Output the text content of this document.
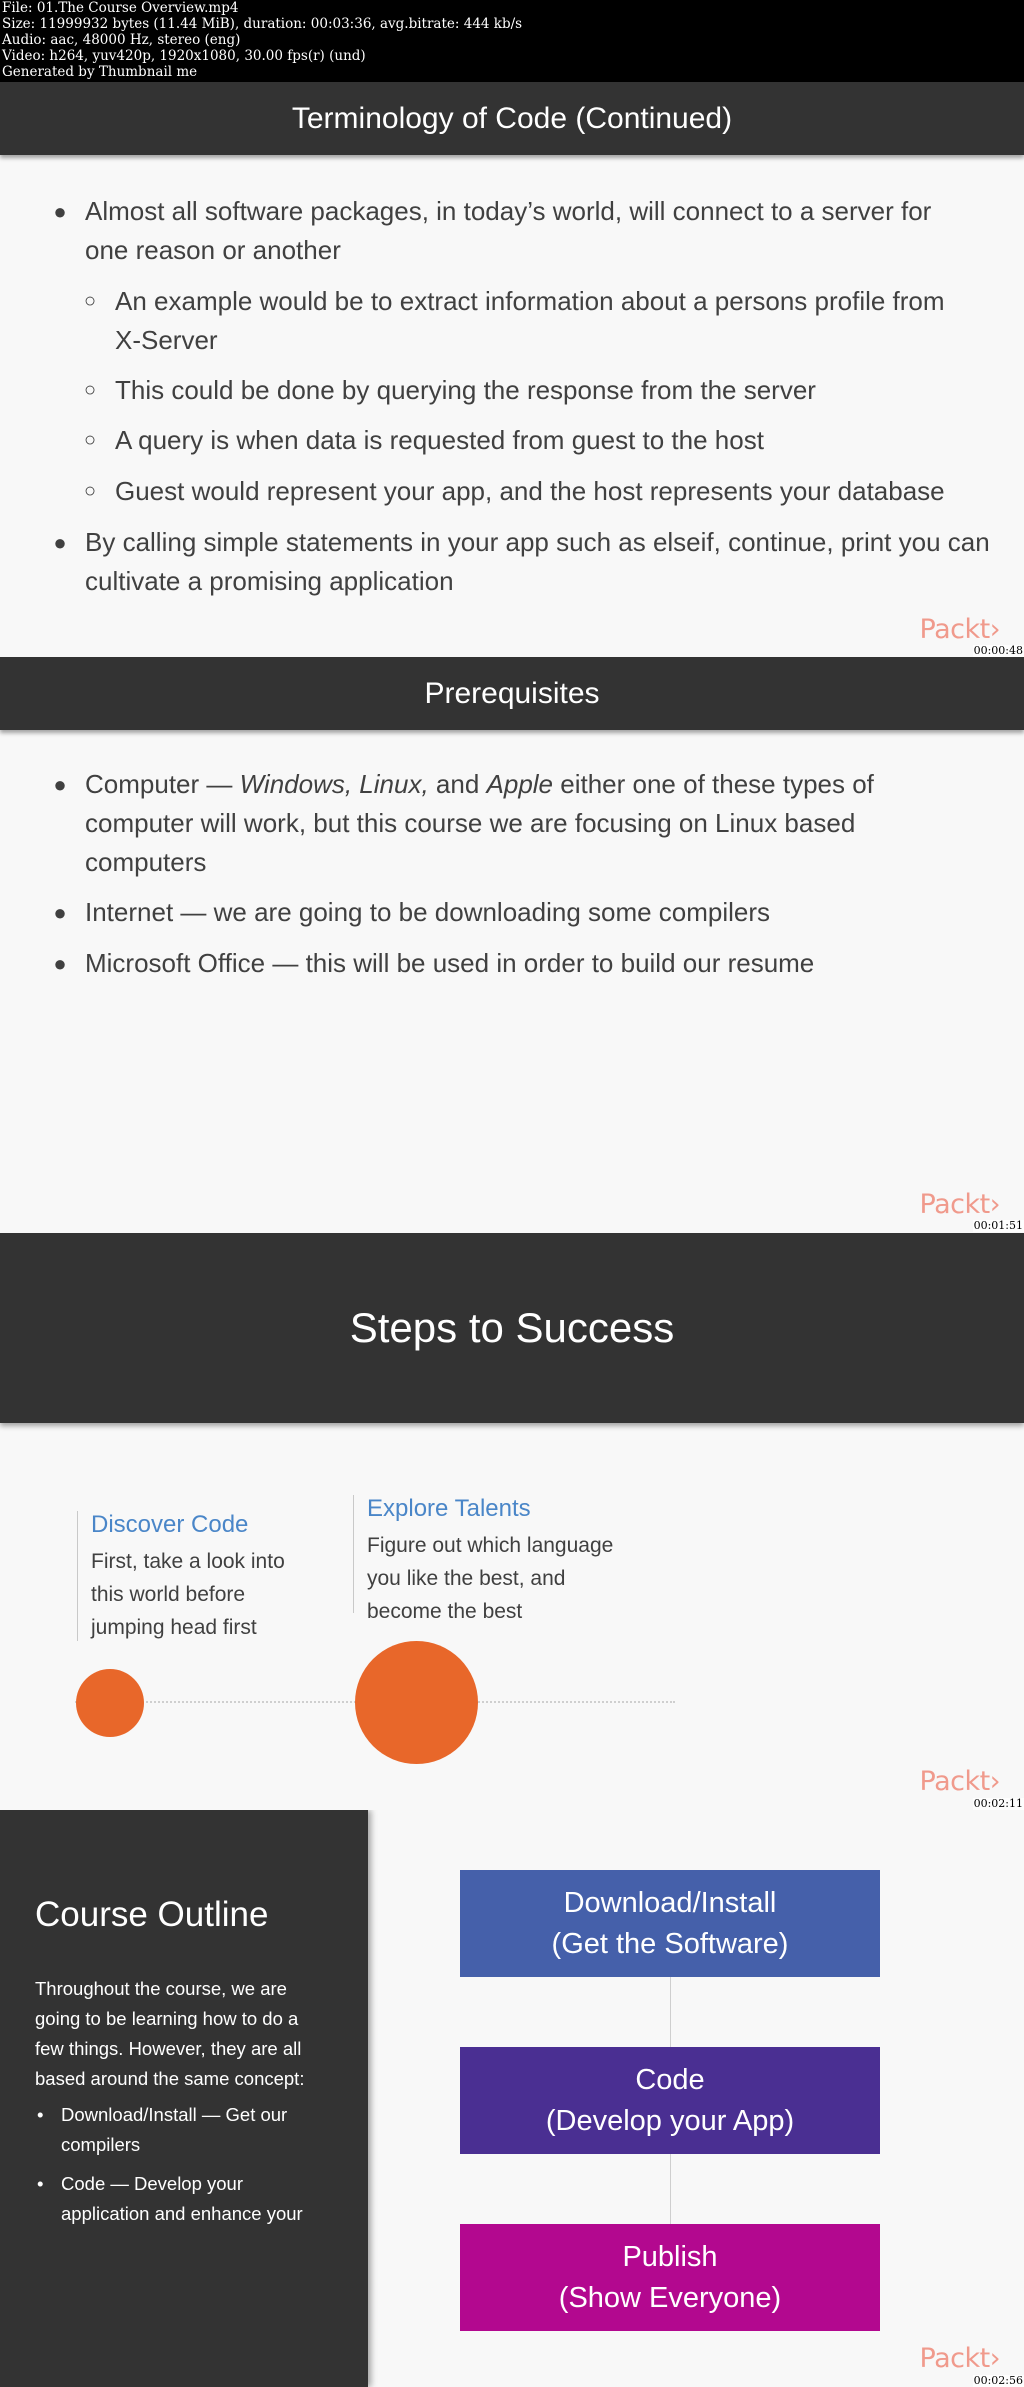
File: 01.The Course Overview.mp4
Size: 11999932 bytes (11.44 MiB), duration: 00:03:36, avg.bitrate: 444 kb/s
Audio: aac, 48000 Hz, stereo (eng)
Video: h264, yuv420p, 1920x1080, 30.00 fps(r) (und)
Generated by Thumbnail me
Terminology of Code (Continued)
● Almost all software packages, in today’s world, will connect to a server for
one reason or another
○ An example would be to extract information about a persons profile from
X-Server
○ This could be done by querying the response from the server
○ A query is when data is requested from guest to the host
○ Guest would represent your app, and the host represents your database
● By calling simple statements in your app such as elseif, continue, print you can
cultivate a promising application
Packt›
00:00:48
Prerequisites
● Computer — Windows, Linux, and Apple either one of these types of
computer will work, but this course we are focusing on Linux based
computers
● Internet — we are going to be downloading some compilers
● Microsoft Office — this will be used in order to build our resume
Packt›
00:01:51
Steps to Success
Discover Code
First, take a look into
this world before
jumping head first
Explore Talents
Figure out which language
you like the best, and
become the best
Packt›
00:02:11
Course Outline
Throughout the course, we are
going to be learning how to do a
few things. However, they are all
based around the same concept:
• Download/Install — Get our
compilers
• Code — Develop your
application and enhance your
Download/Install
(Get the Software)
Code
(Develop your App)
Publish
(Show Everyone)
Packt›
00:02:56
